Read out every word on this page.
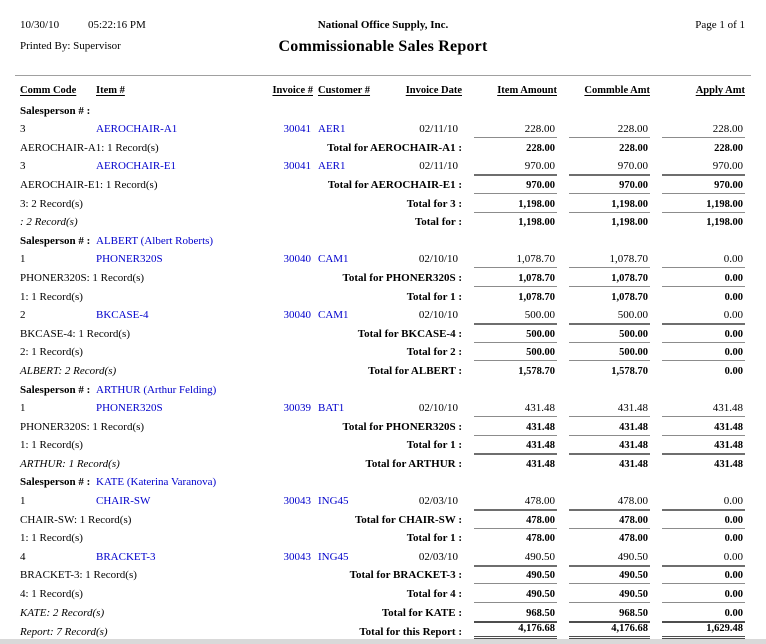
10/30/10	05:22:16 PM	National Office Supply, Inc.	Page 1 of 1
Printed By: Supervisor	Commissionable Sales Report
Comm Code	Item #	Invoice # Customer #	Invoice Date	Item Amount	Commble Amt	Apply Amt
Salesperson # :
3	AEROCHAIR-A1	30041 AER1	02/11/10	228.00	228.00	228.00
AEROCHAIR-A1: 1 Record(s)	Total for AEROCHAIR-A1 :	228.00	228.00	228.00
3	AEROCHAIR-E1	30041 AER1	02/11/10	970.00	970.00	970.00
AEROCHAIR-E1: 1 Record(s)	Total for AEROCHAIR-E1 :	970.00	970.00	970.00
3: 2 Record(s)	Total for 3 :	1,198.00	1,198.00	1,198.00
: 2 Record(s)	Total for :	1,198.00	1,198.00	1,198.00
Salesperson # : ALBERT (Albert Roberts)
1	PHONER320S	30040 CAM1	02/10/10	1,078.70	1,078.70	0.00
PHONER320S: 1 Record(s)	Total for PHONER320S :	1,078.70	1,078.70	0.00
1: 1 Record(s)	Total for 1 :	1,078.70	1,078.70	0.00
2	BKCASE-4	30040 CAM1	02/10/10	500.00	500.00	0.00
BKCASE-4: 1 Record(s)	Total for BKCASE-4 :	500.00	500.00	0.00
2: 1 Record(s)	Total for 2 :	500.00	500.00	0.00
ALBERT: 2 Record(s)	Total for ALBERT :	1,578.70	1,578.70	0.00
Salesperson # : ARTHUR (Arthur Felding)
1	PHONER320S	30039 BAT1	02/10/10	431.48	431.48	431.48
PHONER320S: 1 Record(s)	Total for PHONER320S :	431.48	431.48	431.48
1: 1 Record(s)	Total for 1 :	431.48	431.48	431.48
ARTHUR: 1 Record(s)	Total for ARTHUR :	431.48	431.48	431.48
Salesperson # : KATE (Katerina Varanova)
1	CHAIR-SW	30043 ING45	02/03/10	478.00	478.00	0.00
CHAIR-SW: 1 Record(s)	Total for CHAIR-SW :	478.00	478.00	0.00
1: 1 Record(s)	Total for 1 :	478.00	478.00	0.00
4	BRACKET-3	30043 ING45	02/03/10	490.50	490.50	0.00
BRACKET-3: 1 Record(s)	Total for BRACKET-3 :	490.50	490.50	0.00
4: 1 Record(s)	Total for 4 :	490.50	490.50	0.00
KATE: 2 Record(s)	Total for KATE :	968.50	968.50	0.00
Report: 7 Record(s)	Total for this Report :	4,176.68	4,176.68	1,629.48
